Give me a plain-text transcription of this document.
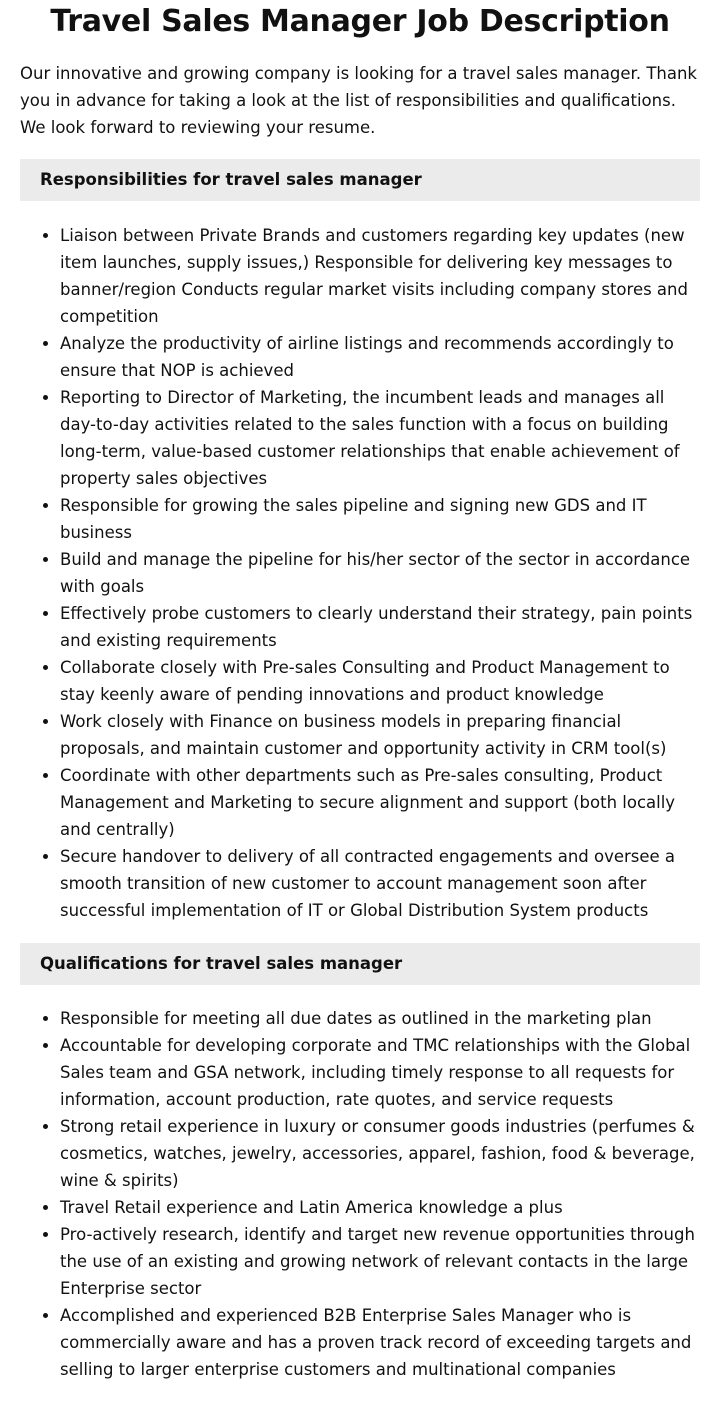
Travel Sales Manager Job Description

Our innovative and growing company is looking for a travel sales manager. Thank you in advance for taking a look at the list of responsibilities and qualifications. We look forward to reviewing your resume.

Responsibilities for travel sales manager
• Liaison between Private Brands and customers regarding key updates (new item launches, supply issues,) Responsible for delivering key messages to banner/region Conducts regular market visits including company stores and competition
• Analyze the productivity of airline listings and recommends accordingly to ensure that NOP is achieved
• Reporting to Director of Marketing, the incumbent leads and manages all day-to-day activities related to the sales function with a focus on building long-term, value-based customer relationships that enable achievement of property sales objectives
• Responsible for growing the sales pipeline and signing new GDS and IT business
• Build and manage the pipeline for his/her sector of the sector in accordance with goals
• Effectively probe customers to clearly understand their strategy, pain points and existing requirements
• Collaborate closely with Pre-sales Consulting and Product Management to stay keenly aware of pending innovations and product knowledge
• Work closely with Finance on business models in preparing financial proposals, and maintain customer and opportunity activity in CRM tool(s)
• Coordinate with other departments such as Pre-sales consulting, Product Management and Marketing to secure alignment and support (both locally and centrally)
• Secure handover to delivery of all contracted engagements and oversee a smooth transition of new customer to account management soon after successful implementation of IT or Global Distribution System products
Qualifications for travel sales manager
• Responsible for meeting all due dates as outlined in the marketing plan
• Accountable for developing corporate and TMC relationships with the Global Sales team and GSA network, including timely response to all requests for information, account production, rate quotes, and service requests
• Strong retail experience in luxury or consumer goods industries (perfumes & cosmetics, watches, jewelry, accessories, apparel, fashion, food & beverage, wine & spirits)
• Travel Retail experience and Latin America knowledge a plus
• Pro-actively research, identify and target new revenue opportunities through the use of an existing and growing network of relevant contacts in the large Enterprise sector
• Accomplished and experienced B2B Enterprise Sales Manager who is commercially aware and has a proven track record of exceeding targets and selling to larger enterprise customers and multinational companies
